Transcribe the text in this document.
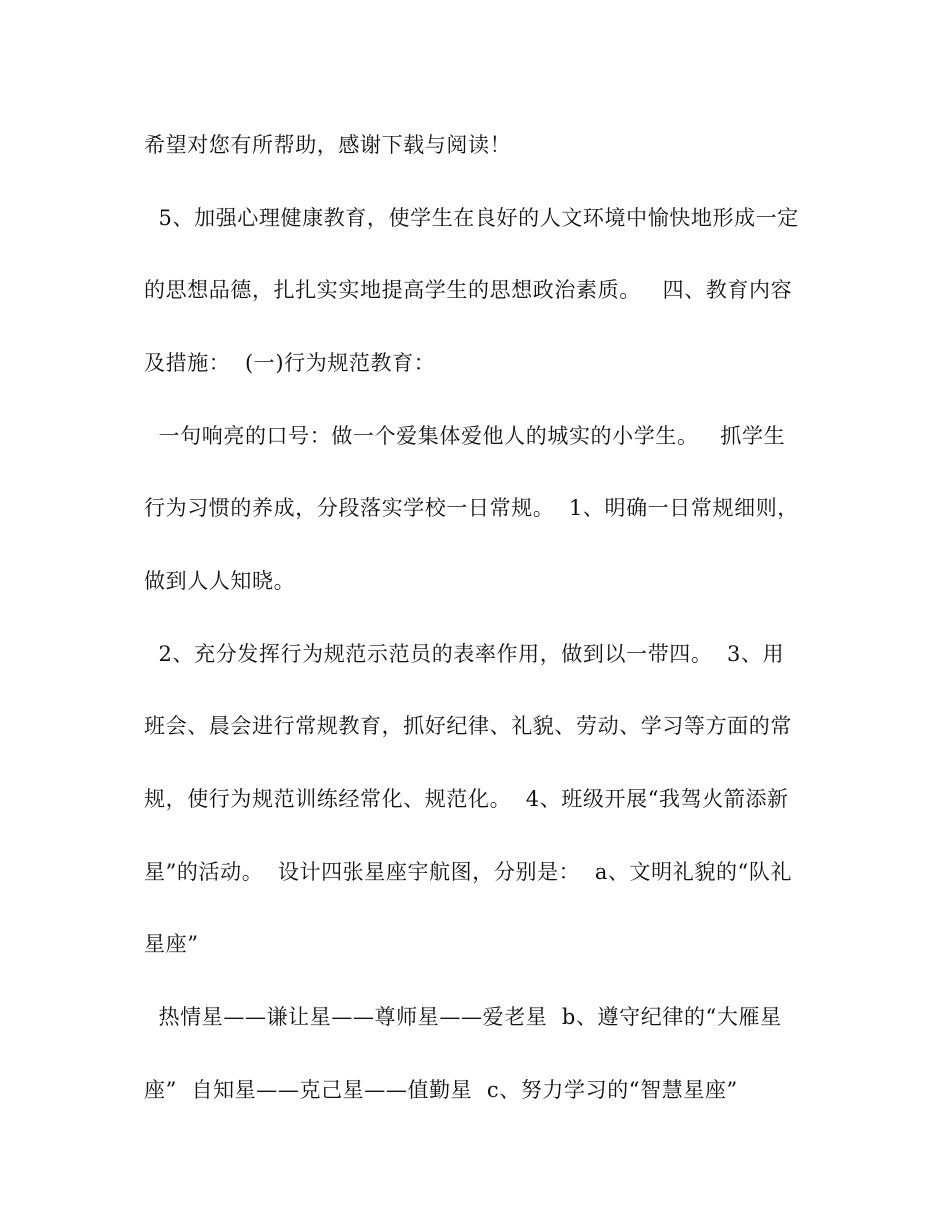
希望对您有所帮助，感谢下载与阅读！
5、加强心理健康教育，使学生在良好的人文环境中愉快地形成一定
的思想品德，扎扎实实地提高学生的思想政治素质。   四、教育内容
及措施：  (一)行为规范教育：
一句响亮的口号：做一个爱集体爱他人的城实的小学生。   抓学生
行为习惯的养成，分段落实学校一日常规。  1、明确一日常规细则，
做到人人知晓。
2、充分发挥行为规范示范员的表率作用，做到以一带四。  3、用
班会、晨会进行常规教育，抓好纪律、礼貌、劳动、学习等方面的常
规，使行为规范训练经常化、规范化。  4、班级开展“我驾火箭添新
星”的活动。  设计四张星座宇航图，分别是：  a、文明礼貌的“队礼
星座”
热情星——谦让星——尊师星——爱老星  b、遵守纪律的“大雁星
座”  自知星——克己星——值勤星  c、努力学习的“智慧星座”
